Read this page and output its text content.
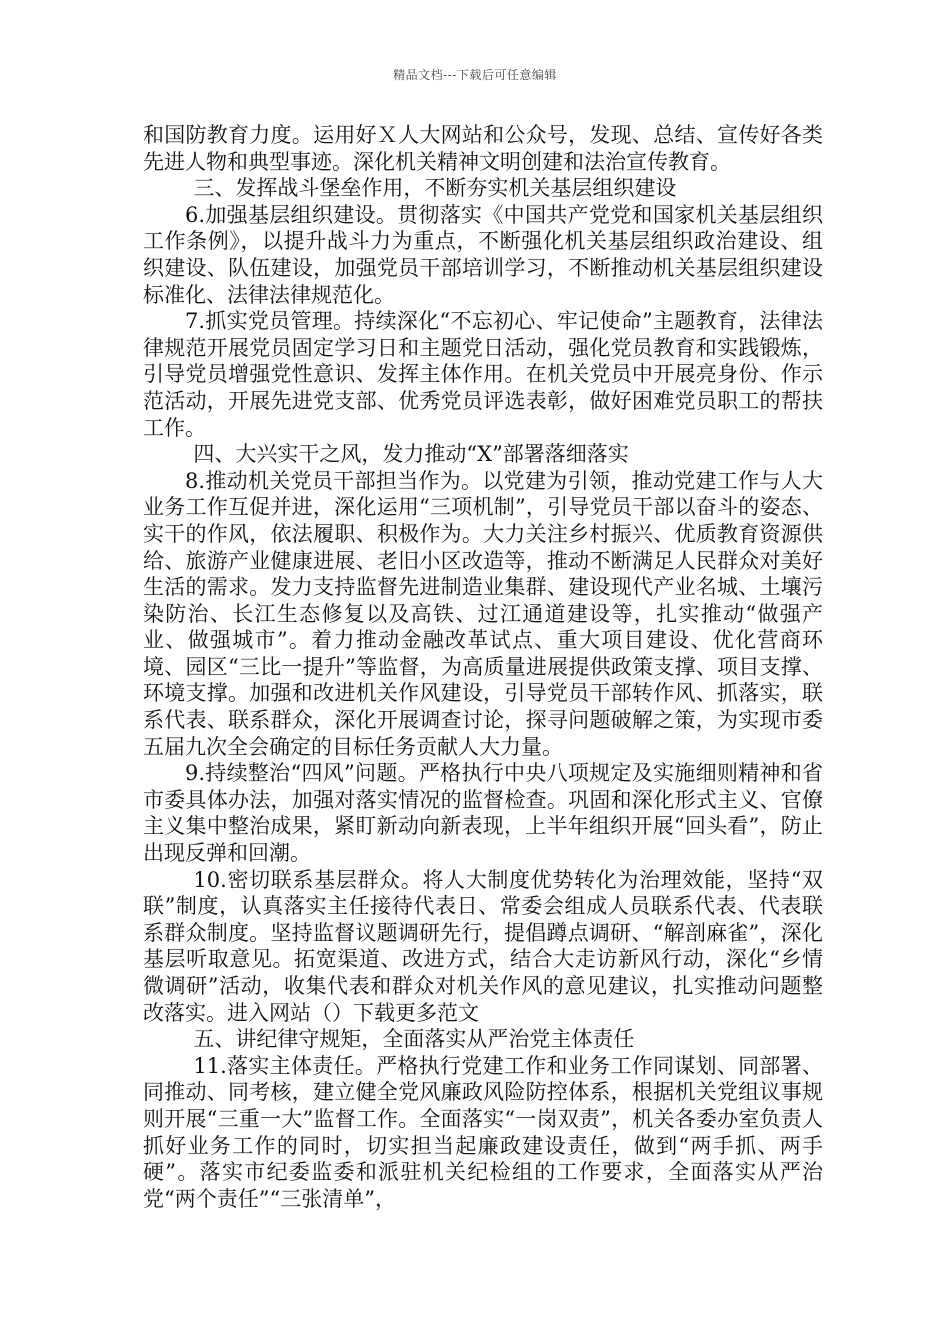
精品文档---下载后可任意编辑

和国防教育力度。运用好Ｘ人大网站和公众号，发现、总结、宣传好各类先进人物和典型事迹。深化机关精神文明创建和法治宣传教育。

三、发挥战斗堡垒作用，不断夯实机关基层组织建设

6.加强基层组织建设。贯彻落实《中国共产党党和国家机关基层组织工作条例》，以提升战斗力为重点，不断强化机关基层组织政治建设、组织建设、队伍建设，加强党员干部培训学习，不断推动机关基层组织建设标准化、法律法律规范化。

7.抓实党员管理。持续深化“不忘初心、牢记使命”主题教育，法律法律规范开展党员固定学习日和主题党日活动，强化党员教育和实践锻炼，引导党员增强党性意识、发挥主体作用。在机关党员中开展亮身份、作示范活动，开展先进党支部、优秀党员评选表彰，做好困难党员职工的帮扶工作。

四、大兴实干之风，发力推动“X”部署落细落实

8.推动机关党员干部担当作为。以党建为引领，推动党建工作与人大业务工作互促并进，深化运用“三项机制”，引导党员干部以奋斗的姿态、实干的作风，依法履职、积极作为。大力关注乡村振兴、优质教育资源供给、旅游产业健康进展、老旧小区改造等，推动不断满足人民群众对美好生活的需求。发力支持监督先进制造业集群、建设现代产业名城、土壤污染防治、长江生态修复以及高铁、过江通道建设等，扎实推动“做强产业、做强城市”。着力推动金融改革试点、重大项目建设、优化营商环境、园区“三比一提升”等监督，为高质量进展提供政策支撑、项目支撑、环境支撑。加强和改进机关作风建设，引导党员干部转作风、抓落实，联系代表、联系群众，深化开展调查讨论，探寻问题破解之策，为实现市委五届九次全会确定的目标任务贡献人大力量。

9.持续整治“四风”问题。严格执行中央八项规定及实施细则精神和省市委具体办法，加强对落实情况的监督检查。巩固和深化形式主义、官僚主义集中整治成果，紧盯新动向新表现，上半年组织开展“回头看”，防止出现反弹和回潮。

10.密切联系基层群众。将人大制度优势转化为治理效能，坚持“双联”制度，认真落实主任接待代表日、常委会组成人员联系代表、代表联系群众制度。坚持监督议题调研先行，提倡蹲点调研、“解剖麻雀”，深化基层听取意见。拓宽渠道、改进方式，结合大走访新风行动，深化“乡情微调研”活动，收集代表和群众对机关作风的意见建议，扎实推动问题整改落实。进入网站（）下载更多范文

五、讲纪律守规矩，全面落实从严治党主体责任

11.落实主体责任。严格执行党建工作和业务工作同谋划、同部署、同推动、同考核，建立健全党风廉政风险防控体系，根据机关党组议事规则开展“三重一大”监督工作。全面落实“一岗双责”，机关各委办室负责人抓好业务工作的同时，切实担当起廉政建设责任，做到“两手抓、两手硬”。落实市纪委监委和派驻机关纪检组的工作要求，全面落实从严治党“两个责任”“三张清单”，
